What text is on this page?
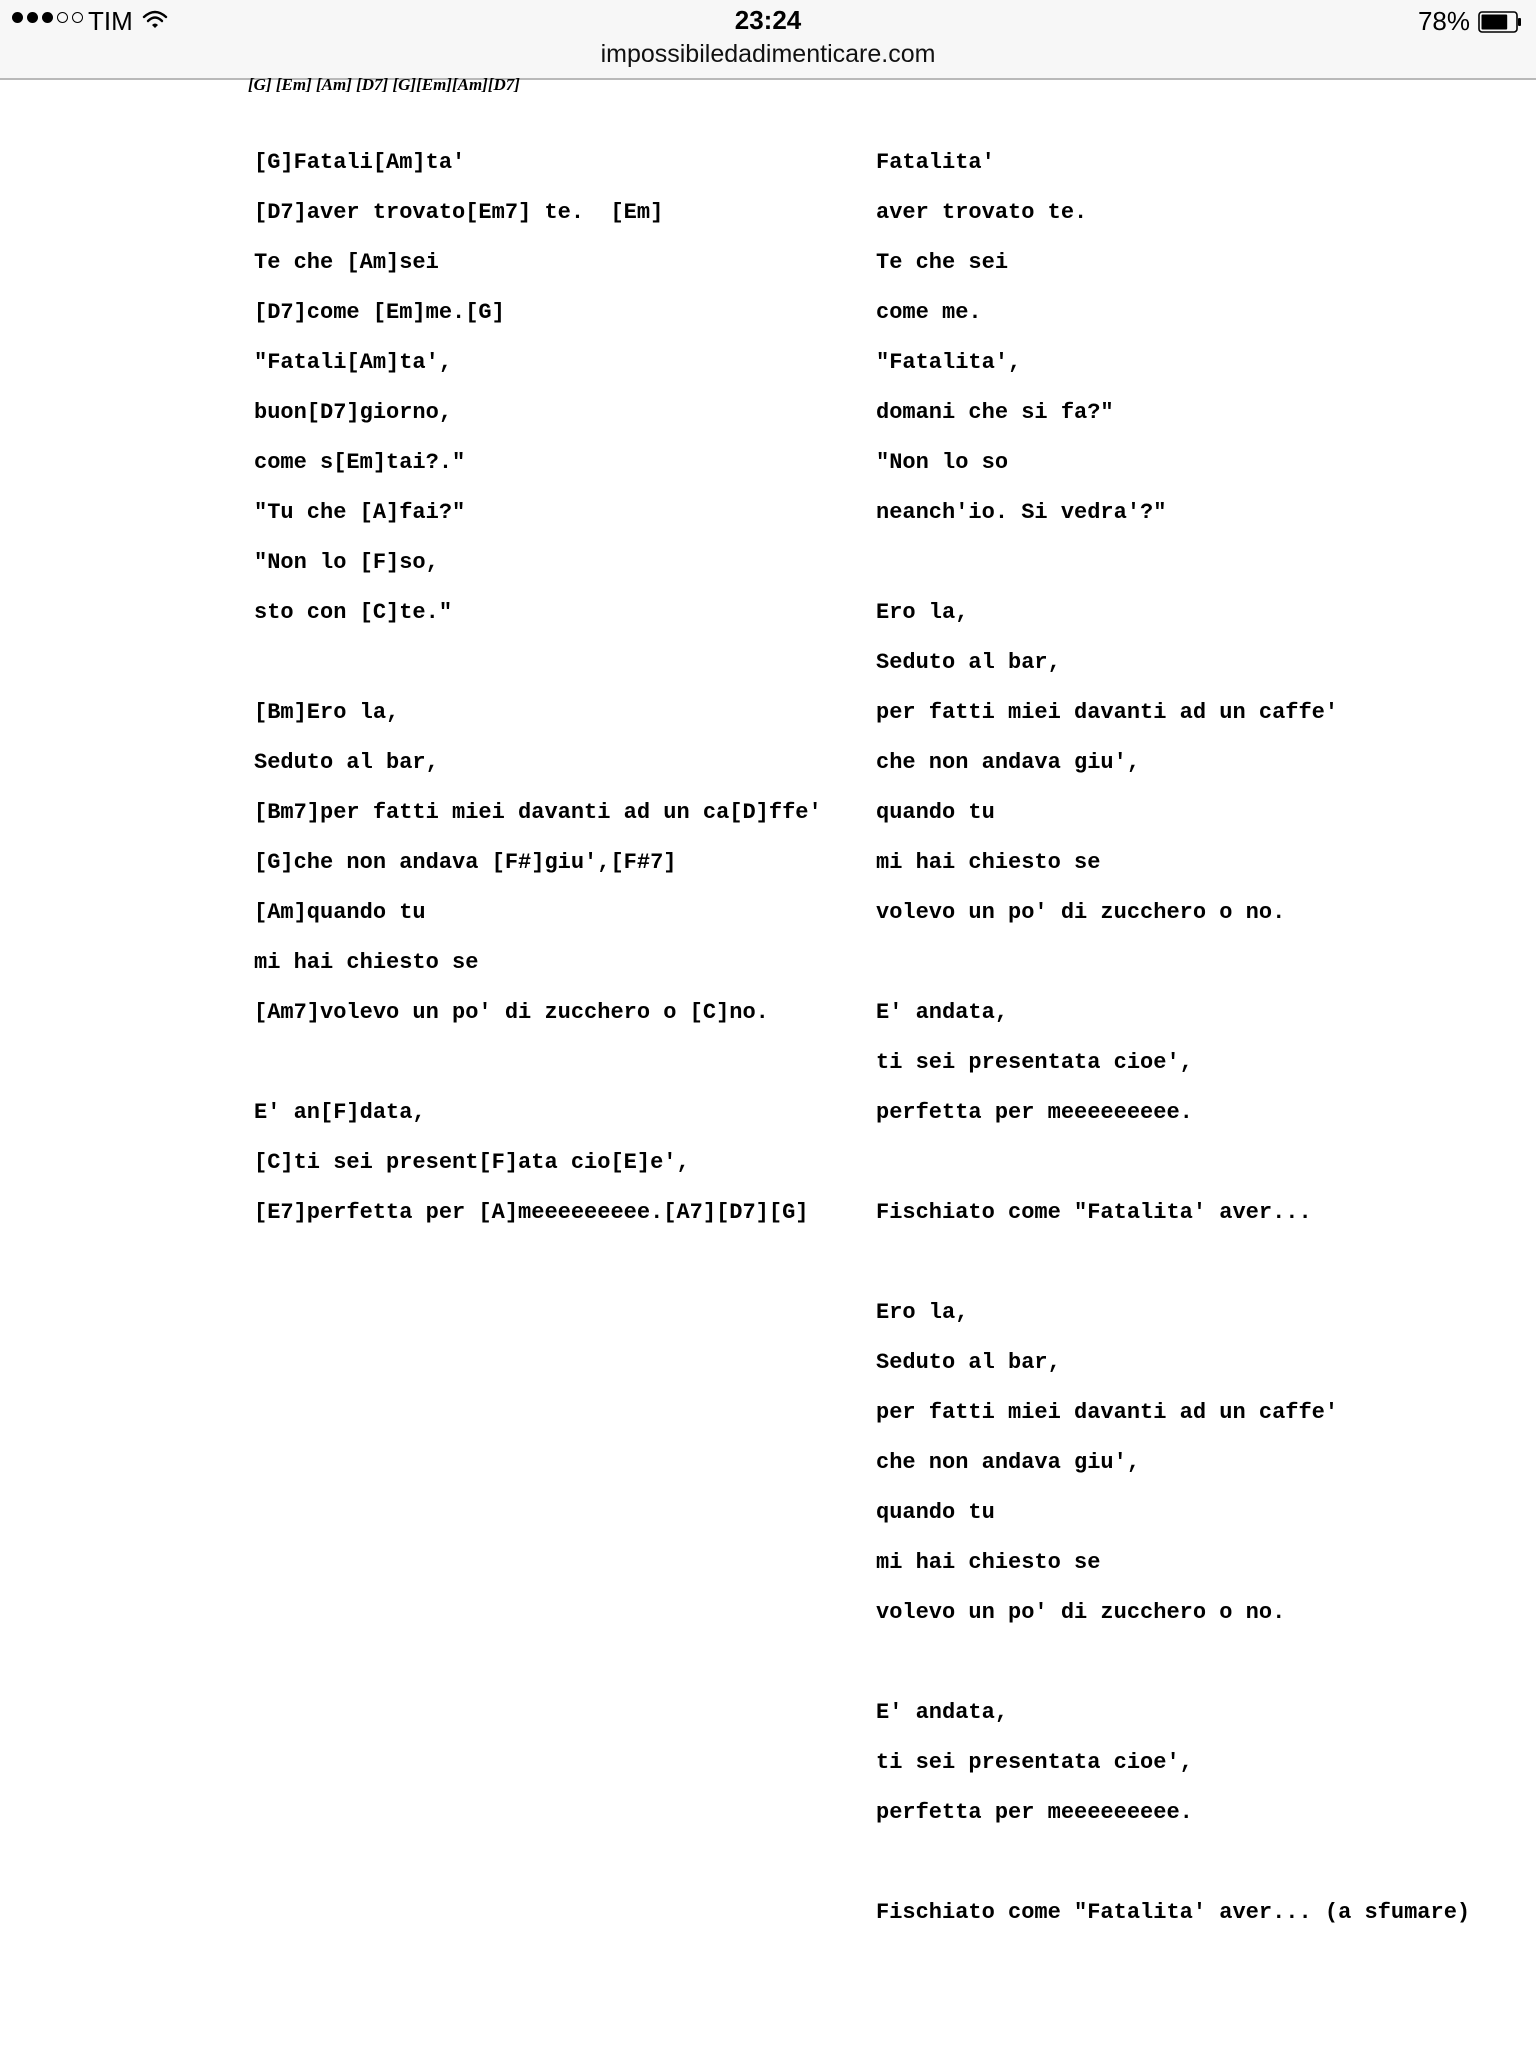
TIM	23:24
impossibiledadimenticare.com
78%
[G] [Em] [Am] [D7] [G][Em][Am][D7]
[G]Fatali[Am]ta'
[D7]aver trovato[Em7] te.  [Em]
Te che [Am]sei
[D7]come [Em]me.[G]
"Fatali[Am]ta',
buon[D7]giorno,
come s[Em]tai?."
"Tu che [A]fai?"
"Non lo [F]so,
sto con [C]te."
[Bm]Ero la,
Seduto al bar,
[Bm7]per fatti miei davanti ad un ca[D]ffe'
[G]che non andava [F#]giu',[F#7]
[Am]quando tu
mi hai chiesto se
[Am7]volevo un po' di zucchero o [C]no.
E' an[F]data,
[C]ti sei present[F]ata cio[E]e',
[E7]perfetta per [A]meeeeeeeee.[A7][D7][G]
Fatalita'
aver trovato te.
Te che sei
come me.
"Fatalita',
domani che si fa?"
"Non lo so
neanch'io. Si vedra'?"
Ero la,
Seduto al bar,
per fatti miei davanti ad un caffe'
che non andava giu',
quando tu
mi hai chiesto se
volevo un po' di zucchero o no.
E' andata,
ti sei presentata cioe',
perfetta per meeeeeeeee.
Fischiato come "Fatalita' aver...
Ero la,
Seduto al bar,
per fatti miei davanti ad un caffe'
che non andava giu',
quando tu
mi hai chiesto se
volevo un po' di zucchero o no.
E' andata,
ti sei presentata cioe',
perfetta per meeeeeeeee.
Fischiato come "Fatalita' aver... (a sfumare)
